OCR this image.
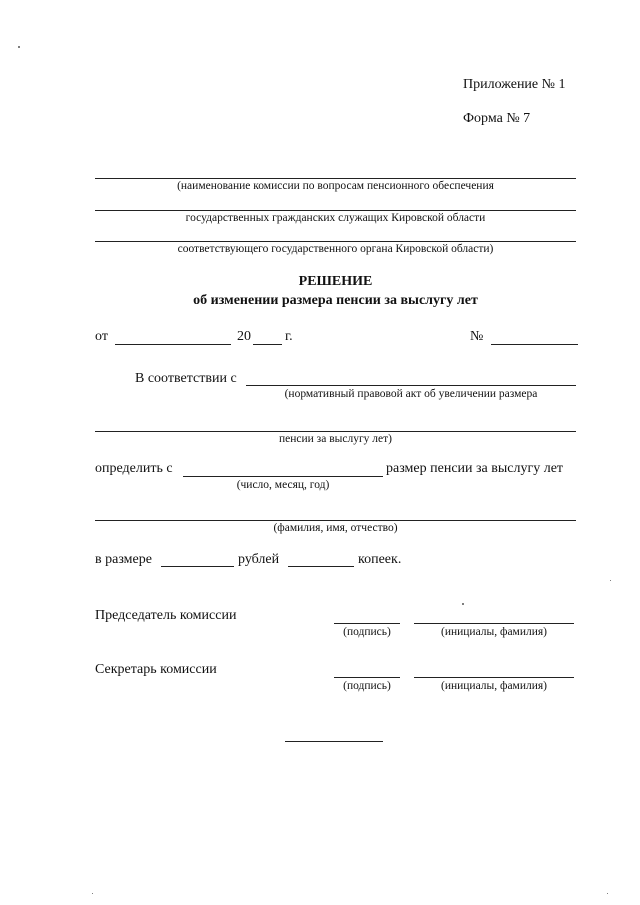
Приложение № 1
Форма № 7
(наименование комиссии по вопросам пенсионного обеспечения
государственных гражданских служащих Кировской области
соответствующего государственного органа Кировской области)
РЕШЕНИЕ
об изменении размера пенсии за выслугу лет
от	20 г.	№
В соответствии с
(нормативный правовой акт об увеличении размера
пенсии за выслугу лет)
определить с	размер пенсии за выслугу лет
(число, месяц, год)
(фамилия, имя, отчество)
в размере	рублей	копеек.
Председатель комиссии
(подпись)	(инициалы, фамилия)
Секретарь комиссии
(подпись)	(инициалы, фамилия)
